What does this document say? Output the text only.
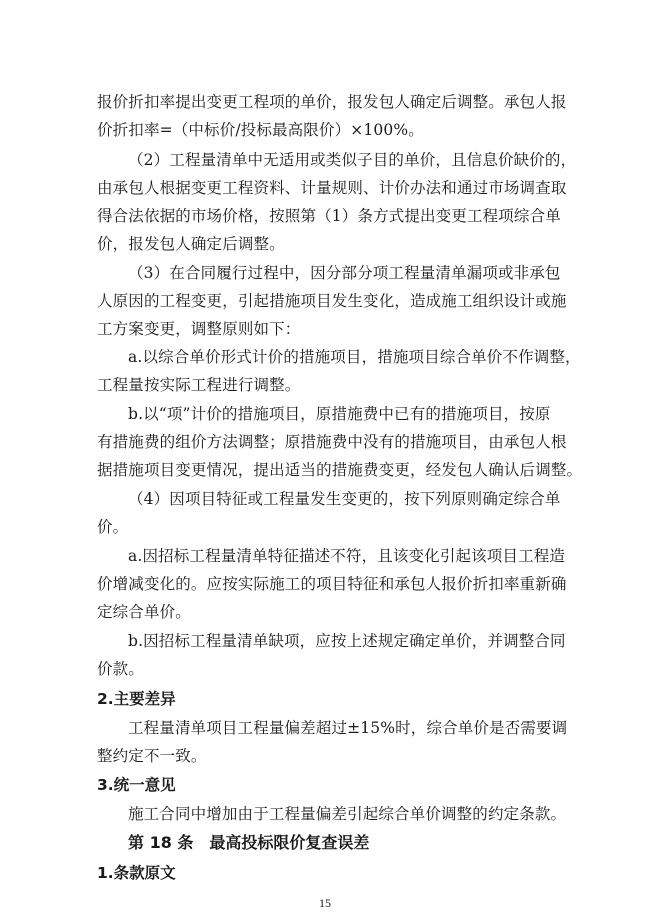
报价折扣率提出变更工程项的单价，报发包人确定后调整。承包人报
价折扣率=（中标价/投标最高限价）×100%。
（2）工程量清单中无适用或类似子目的单价，且信息价缺价的，
由承包人根据变更工程资料、计量规则、计价办法和通过市场调查取
得合法依据的市场价格，按照第（1）条方式提出变更工程项综合单
价，报发包人确定后调整。
（3）在合同履行过程中，因分部分项工程量清单漏项或非承包
人原因的工程变更，引起措施项目发生变化，造成施工组织设计或施
工方案变更，调整原则如下：
a.以综合单价形式计价的措施项目，措施项目综合单价不作调整，
工程量按实际工程进行调整。
b.以“项”计价的措施项目，原措施费中已有的措施项目，按原
有措施费的组价方法调整；原措施费中没有的措施项目，由承包人根
据措施项目变更情况，提出适当的措施费变更，经发包人确认后调整。
（4）因项目特征或工程量发生变更的，按下列原则确定综合单
价。
a.因招标工程量清单特征描述不符，且该变化引起该项目工程造
价增减变化的。应按实际施工的项目特征和承包人报价折扣率重新确
定综合单价。
b.因招标工程量清单缺项，应按上述规定确定单价，并调整合同
价款。
2.主要差异
工程量清单项目工程量偏差超过±15%时，综合单价是否需要调
整约定不一致。
3.统一意见
施工合同中增加由于工程量偏差引起综合单价调整的约定条款。
第 18 条　最高投标限价复查误差
1.条款原文
15
